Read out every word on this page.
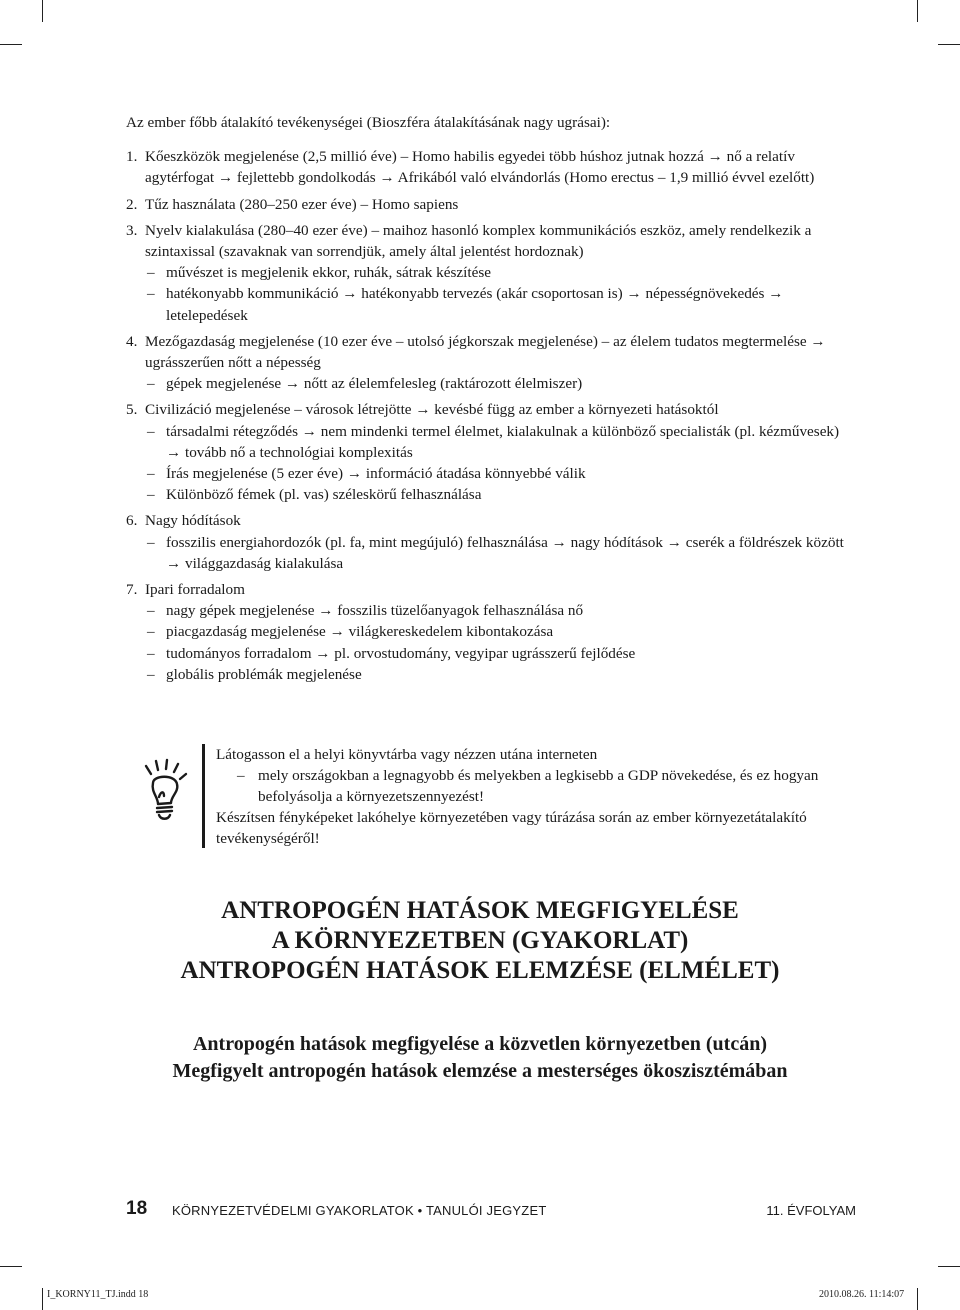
Az ember főbb átalakító tevékenységei (Bioszféra átalakításának nagy ugrásai):

1. Kőeszközök megjelenése (2,5 millió éve) – Homo habilis egyedei több húshoz jutnak hozzá → nő a relatív agytérfogat → fejlettebb gondolkodás → Afrikából való elvándorlás (Homo erectus – 1,9 millió évvel ezelőtt)
2. Tűz használata (280–250 ezer éve) – Homo sapiens
3. Nyelv kialakulása (280–40 ezer éve) – maihoz hasonló komplex kommunikációs eszköz, amely rendelkezik a szintaxissal (szavaknak van sorrendjük, amely által jelentést hordoznak)
– művészet is megjelenik ekkor, ruhák, sátrak készítése
– hatékonyabb kommunikáció → hatékonyabb tervezés (akár csoportosan is) → népességnövekedés → letelepedések
4. Mezőgazdaság megjelenése (10 ezer éve – utolsó jégkorszak megjelenése) – az élelem tudatos megtermelése → ugrásszerűen nőtt a népesség
– gépek megjelenése → nőtt az élelemfelesleg (raktározott élelmiszer)
5. Civilizáció megjelenése – városok létrejötte → kevésbé függ az ember a környezeti hatásoktól
– társadalmi rétegződés → nem mindenki termel élelmet, kialakulnak a különböző specialisták (pl. kézművesek) → tovább nő a technológiai komplexitás
– Írás megjelenése (5 ezer éve) → információ átadása könnyebbé válik
– Különböző fémek (pl. vas) széleskörű felhasználása
6. Nagy hódítások
– fosszilis energiahordozók (pl. fa, mint megújuló) felhasználása → nagy hódítások → cserék a földrészek között → világgazdaság kialakulása
7. Ipari forradalom
– nagy gépek megjelenése → fosszilis tüzelőanyagok felhasználása nő
– piacgazdaság megjelenése → világkereskedelem kibontakozása
– tudományos forradalom → pl. orvostudomány, vegyipar ugrásszerű fejlődése
– globális problémák megjelenése
Látogasson el a helyi könyvtárba vagy nézzen utána interneten
– mely országokban a legnagyobb és melyekben a legkisebb a GDP növekedése, és ez hogyan befolyásolja a környezetszennyezést!
Készítsen fényképeket lakóhelye környezetében vagy túrázása során az ember környezetátalakító tevékenységéről!
ANTROPOGÉN HATÁSOK MEGFIGYELÉSE
A KÖRNYEZETBEN (GYAKORLAT)
ANTROPOGÉN HATÁSOK ELEMZÉSE (ELMÉLET)
Antropogén hatások megfigyelése a közvetlen környezetben (utcán)
Megfigyelt antropogén hatások elemzése a mesterséges ökoszisztémában
18 KÖRNYEZETVÉDELMI GYAKORLATOK • TANULÓI JEGYZET	11. ÉVFOLYAM
I_KORNY11_TJ.indd 18	2010.08.26. 11:14:07
